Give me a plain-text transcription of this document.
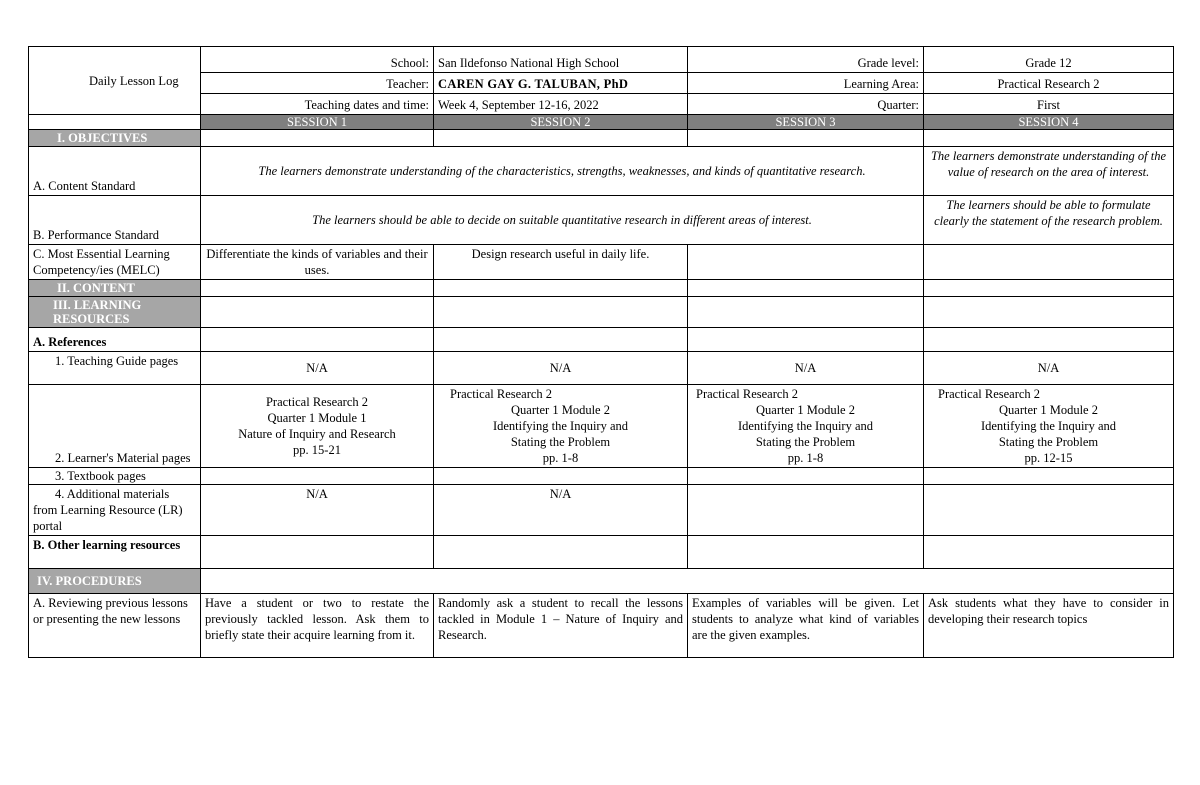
Daily Lesson Log	School:	San Ildefonso National High School	Grade level:	Grade 12
	Teacher:	CAREN GAY G. TALUBAN, PhD	Learning Area:	Practical Research 2
	Teaching dates and time:	Week 4, September 12-16, 2022	Quarter:	First
	SESSION 1	SESSION 2	SESSION 3	SESSION 4
I. OBJECTIVES				
A. Content Standard	The learners demonstrate understanding of the characteristics, strengths, weaknesses, and kinds of quantitative research.			The learners demonstrate understanding of the value of research on the area of interest.
B. Performance Standard	The learners should be able to decide on suitable quantitative research in different areas of interest.			The learners should be able to formulate clearly the statement of the research problem.
C. Most Essential Learning Competency/ies (MELC)	Differentiate the kinds of variables and their uses.	Design research useful in daily life.		
II. CONTENT				
III. LEARNING RESOURCES				
A. References				
1. Teaching Guide pages	N/A	N/A	N/A	N/A
2. Learner's Material pages	Practical Research 2
Quarter 1 Module 1
Nature of Inquiry and Research
pp. 15-21	Practical Research 2
Quarter 1 Module 2
Identifying the Inquiry and
Stating the Problem
pp. 1-8	Practical Research 2
Quarter 1 Module 2
Identifying the Inquiry and
Stating the Problem
pp. 1-8	Practical Research 2
Quarter 1 Module 2
Identifying the Inquiry and
Stating the Problem
pp. 12-15

3. Textbook pages				
4. Additional materials from Learning Resource (LR) portal	N/A	N/A		
B. Other learning resources				
IV. PROCEDURES				
A. Reviewing previous lessons or presenting the new lessons	Have a student or two to restate the previously tackled lesson. Ask them to briefly state their acquire learning from it.	Randomly ask a student to recall the lessons tackled in Module 1 – Nature of Inquiry and Research.	Examples of variables will be given. Let students to analyze what kind of variables are the given examples.	Ask students what they have to consider in developing their research topics
